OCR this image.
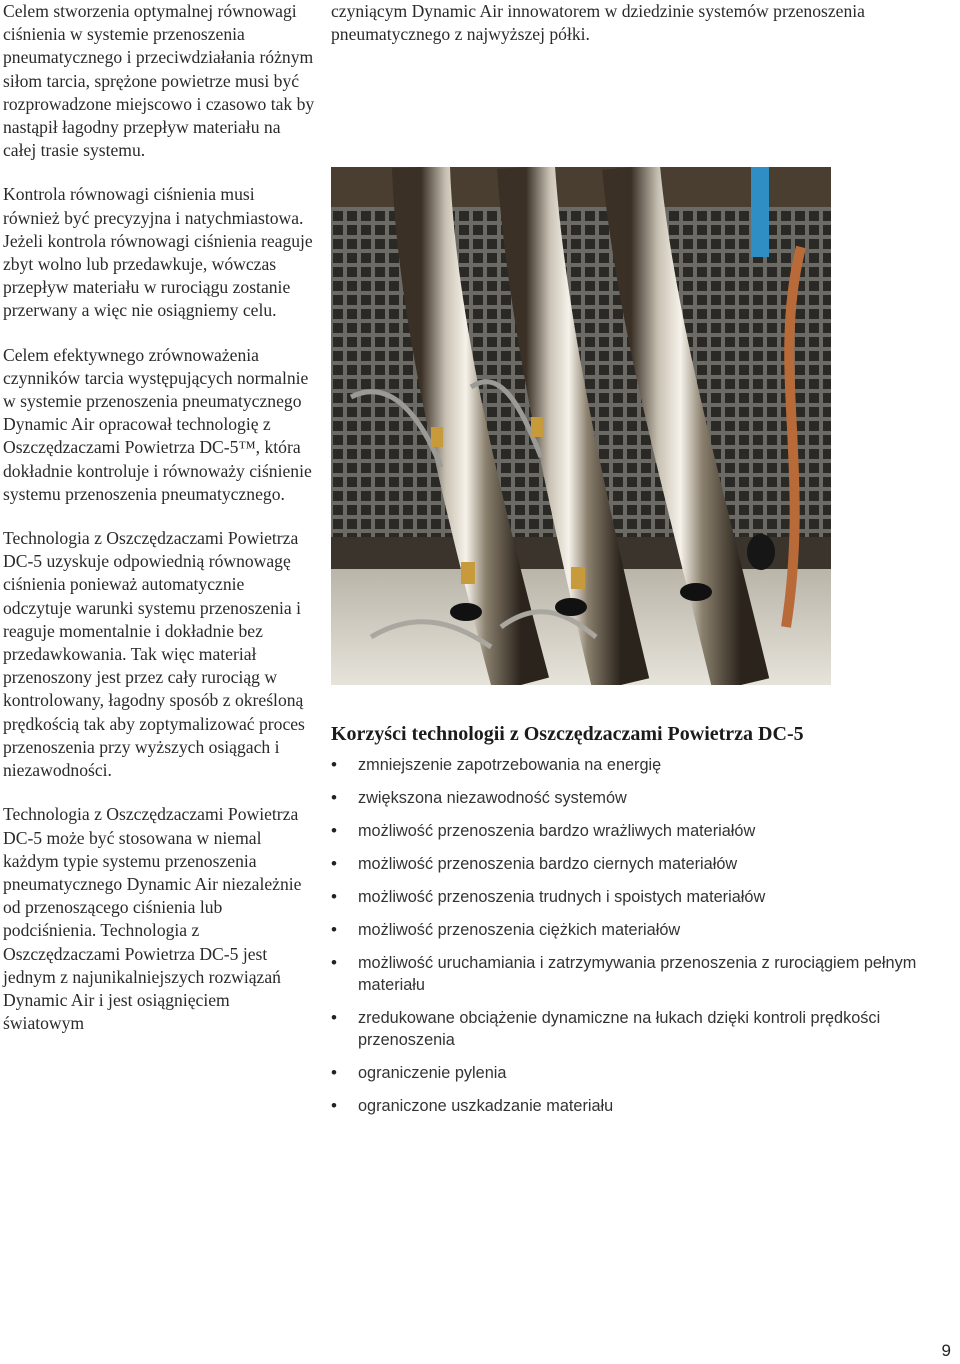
Celem stworzenia optymalnej równowagi ciśnienia w systemie przenoszenia pneumatycznego i przeciwdziałania różnym siłom tarcia, sprężone powietrze musi być rozprowadzone miejscowo i czasowo tak by nastąpił łagodny przepływ materiału na całej trasie systemu.

Kontrola równowagi ciśnienia musi również być precyzyjna i natychmiastowa. Jeżeli kontrola równowagi ciśnienia reaguje zbyt wolno lub przedawkuje, wówczas przepływ materiału w rurociągu zostanie przerwany a więc nie osiągniemy celu.

Celem efektywnego zrównoważenia czynników tarcia występujących normalnie w systemie przenoszenia pneumatycznego Dynamic Air opracował technologię z Oszczędzaczami Powietrza DC-5™, która dokładnie kontroluje i równoważy ciśnienie systemu przenoszenia pneumatycznego.

Technologia z Oszczędzaczami Powietrza DC-5 uzyskuje odpowiednią równowagę ciśnienia ponieważ automatycznie odczytuje warunki systemu przenoszenia i reaguje momentalnie i dokładnie bez przedawkowania. Tak więc materiał przenoszony jest przez cały rurociąg w kontrolowany, łagodny sposób z określoną prędkością tak aby zoptymalizować proces przenoszenia przy wyższych osiągach i niezawodności.

Technologia z Oszczędzaczami Powietrza DC-5 może być stosowana w niemal każdym typie systemu przenoszenia pneumatycznego Dynamic Air niezależnie od przenoszącego ciśnienia lub podciśnienia. Technologia z Oszczędzaczami Powietrza DC-5 jest jednym z najunikalniejszych rozwiązań Dynamic Air i jest osiągnięciem światowym

czyniącym Dynamic Air innowatorem w dziedzinie systemów przenoszenia pneumatycznego z najwyższej półki.

Korzyści technologii z Oszczędzaczami Powietrza DC-5
• zmniejszenie zapotrzebowania na energię
• zwiększona niezawodność systemów
• możliwość przenoszenia bardzo wrażliwych materiałów
• możliwość przenoszenia bardzo ciernych materiałów
• możliwość przenoszenia trudnych i spoistych materiałów
• możliwość przenoszenia ciężkich materiałów
• możliwość uruchamiania i zatrzymywania przenoszenia z rurociągiem pełnym materiału
• zredukowane obciążenie dynamiczne na łukach dzięki kontroli prędkości przenoszenia
• ograniczenie pylenia
• ograniczone uszkadzanie materiału
9
